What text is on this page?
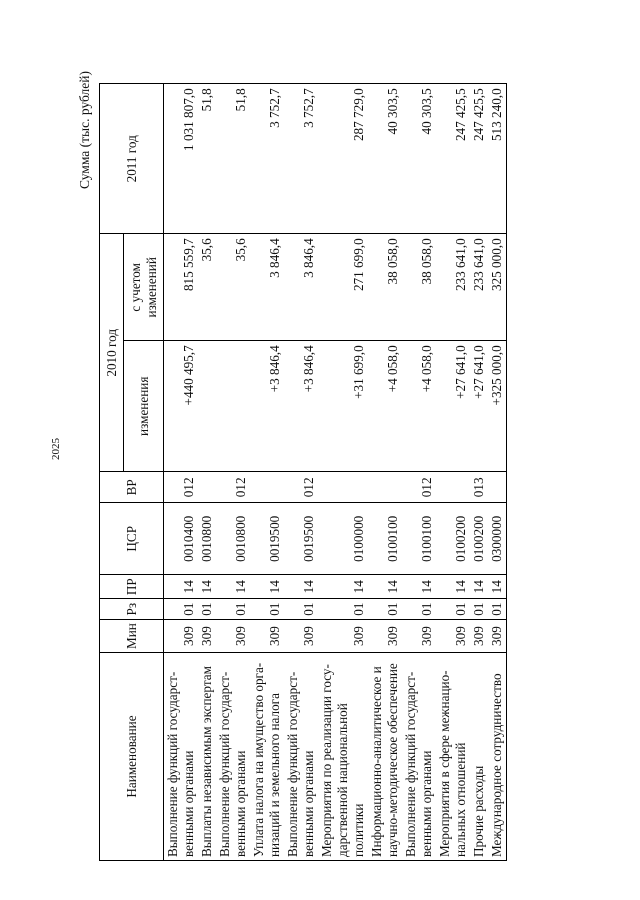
2025
Сумма (тыс. рублей)
Наименование	Мин	Рз	ПР	ЦСР	ВР	2010 год		2011 год
						изменения	с учетом изменений	
Выполнение функций государственными органами	309	01	14	0010400	012	+440 495,7	815 559,7	1 031 807,0
Выплаты независимым экспертам	309	01	14	0010800			35,6	51,8
Выполнение функций государственными органами	309	01	14	0010800	012		35,6	51,8
Уплата налога на имущество организаций и земельного налога	309	01	14	0019500		+3 846,4	3 846,4	3 752,7
Выполнение функций государственными органами	309	01	14	0019500	012	+3 846,4	3 846,4	3 752,7
Мероприятия по реализации государственной национальной политики	309	01	14	0100000		+31 699,0	271 699,0	287 729,0
Информационно-аналитическое и научно-методическое обеспечение	309	01	14	0100100		+4 058,0	38 058,0	40 303,5
Выполнение функций государственными органами	309	01	14	0100100	012	+4 058,0	38 058,0	40 303,5
Мероприятия в сфере межнациональных отношений	309	01	14	0100200		+27 641,0	233 641,0	247 425,5
Прочие расходы	309	01	14	0100200	013	+27 641,0	233 641,0	247 425,5
Международное сотрудничество	309	01	14	0300000		+325 000,0	325 000,0	513 240,0
